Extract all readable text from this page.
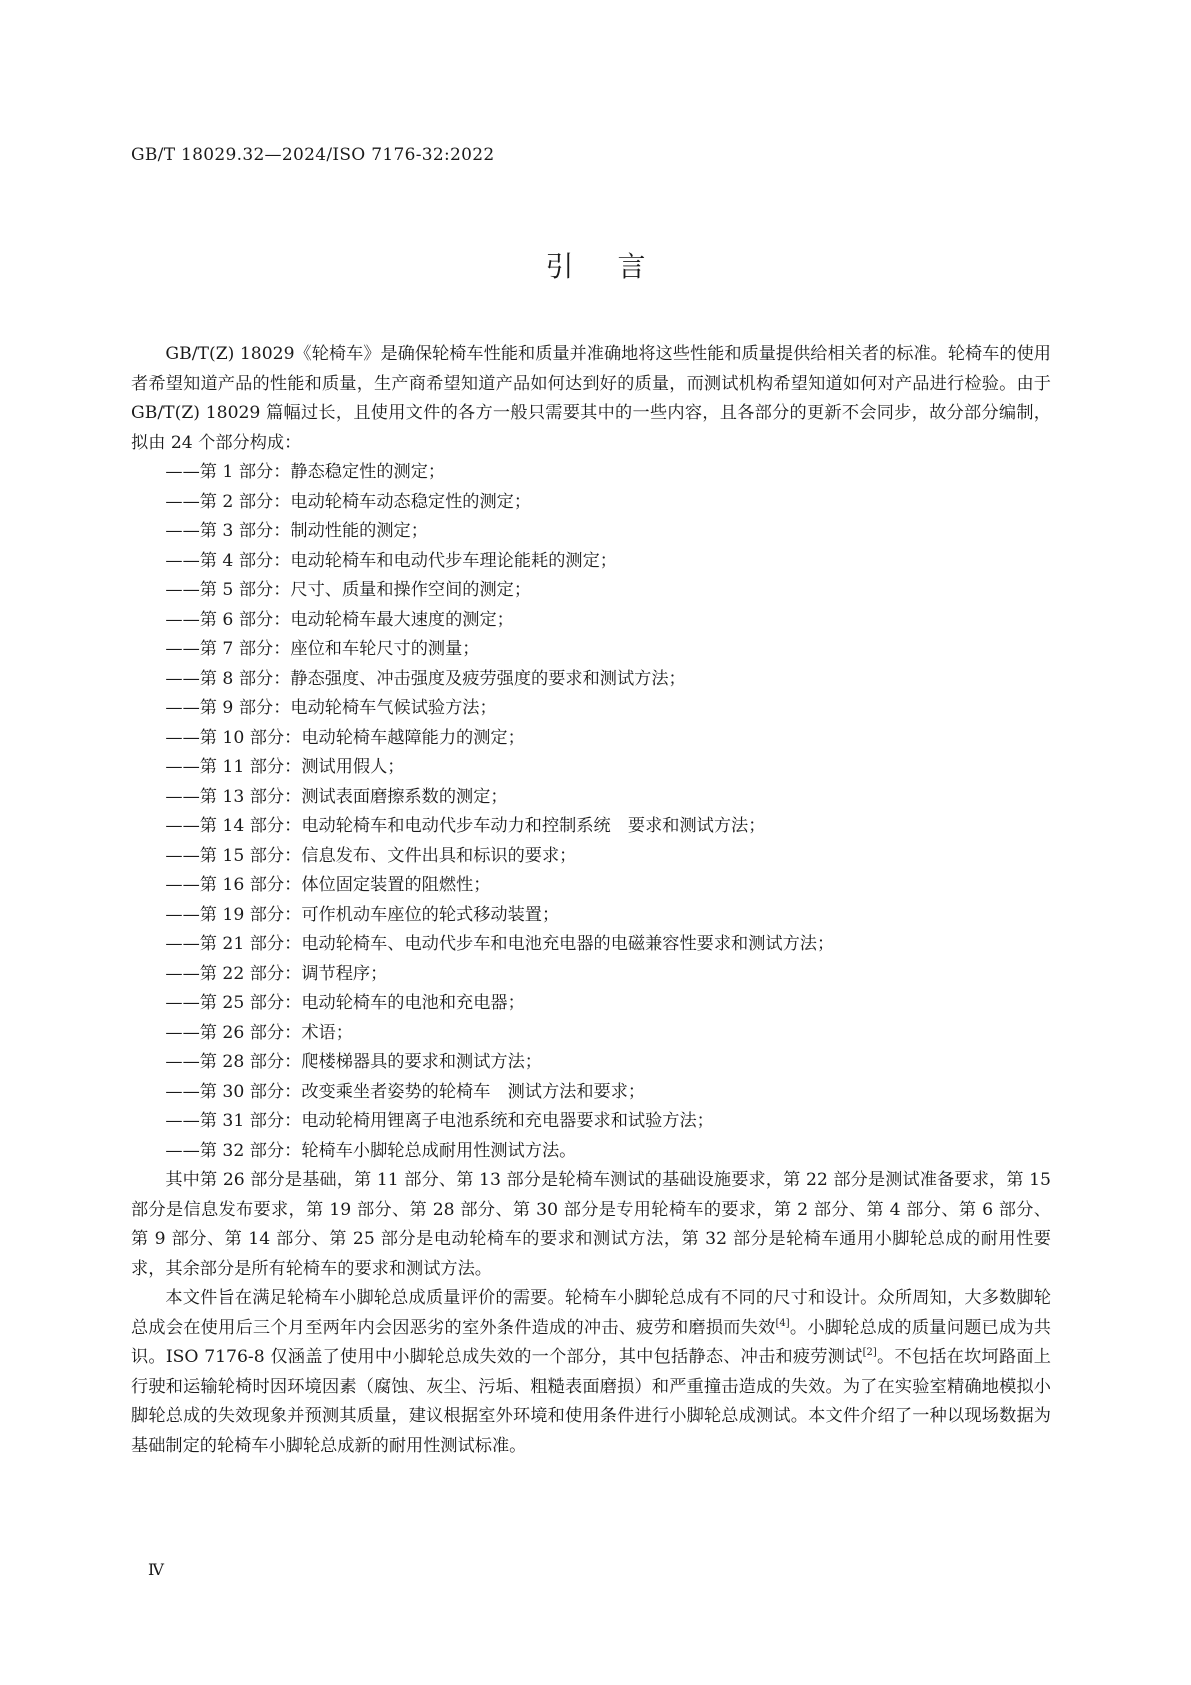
GB/T 18029.32—2024/ISO 7176-32:2022
引言

GB/T(Z) 18029《轮椅车》是确保轮椅车性能和质量并准确地将这些性能和质量提供给相关者的标准。轮椅车的使用者希望知道产品的性能和质量，生产商希望知道产品如何达到好的质量，而测试机构希望知道如何对产品进行检验。由于 GB/T(Z) 18029 篇幅过长，且使用文件的各方一般只需要其中的一些内容，且各部分的更新不会同步，故分部分编制，拟由 24 个部分构成：

——第 1 部分：静态稳定性的测定；
——第 2 部分：电动轮椅车动态稳定性的测定；
——第 3 部分：制动性能的测定；
——第 4 部分：电动轮椅车和电动代步车理论能耗的测定；
——第 5 部分：尺寸、质量和操作空间的测定；
——第 6 部分：电动轮椅车最大速度的测定；
——第 7 部分：座位和车轮尺寸的测量；
——第 8 部分：静态强度、冲击强度及疲劳强度的要求和测试方法；
——第 9 部分：电动轮椅车气候试验方法；
——第 10 部分：电动轮椅车越障能力的测定；
——第 11 部分：测试用假人；
——第 13 部分：测试表面磨擦系数的测定；
——第 14 部分：电动轮椅车和电动代步车动力和控制系统　要求和测试方法；
——第 15 部分：信息发布、文件出具和标识的要求；
——第 16 部分：体位固定装置的阻燃性；
——第 19 部分：可作机动车座位的轮式移动装置；
——第 21 部分：电动轮椅车、电动代步车和电池充电器的电磁兼容性要求和测试方法；
——第 22 部分：调节程序；
——第 25 部分：电动轮椅车的电池和充电器；
——第 26 部分：术语；
——第 28 部分：爬楼梯器具的要求和测试方法；
——第 30 部分：改变乘坐者姿势的轮椅车　测试方法和要求；
——第 31 部分：电动轮椅用锂离子电池系统和充电器要求和试验方法；
——第 32 部分：轮椅车小脚轮总成耐用性测试方法。

其中第 26 部分是基础，第 11 部分、第 13 部分是轮椅车测试的基础设施要求，第 22 部分是测试准备要求，第 15 部分是信息发布要求，第 19 部分、第 28 部分、第 30 部分是专用轮椅车的要求，第 2 部分、第 4 部分、第 6 部分、第 9 部分、第 14 部分、第 25 部分是电动轮椅车的要求和测试方法，第 32 部分是轮椅车通用小脚轮总成的耐用性要求，其余部分是所有轮椅车的要求和测试方法。

本文件旨在满足轮椅车小脚轮总成质量评价的需要。轮椅车小脚轮总成有不同的尺寸和设计。众所周知，大多数脚轮总成会在使用后三个月至两年内会因恶劣的室外条件造成的冲击、疲劳和磨损而失效[4]。小脚轮总成的质量问题已成为共识。ISO 7176-8 仅涵盖了使用中小脚轮总成失效的一个部分，其中包括静态、冲击和疲劳测试[2]。不包括在坎坷路面上行驶和运输轮椅时因环境因素（腐蚀、灰尘、污垢、粗糙表面磨损）和严重撞击造成的失效。为了在实验室精确地模拟小脚轮总成的失效现象并预测其质量，建议根据室外环境和使用条件进行小脚轮总成测试。本文件介绍了一种以现场数据为基础制定的轮椅车小脚轮总成新的耐用性测试标准。

Ⅳ
